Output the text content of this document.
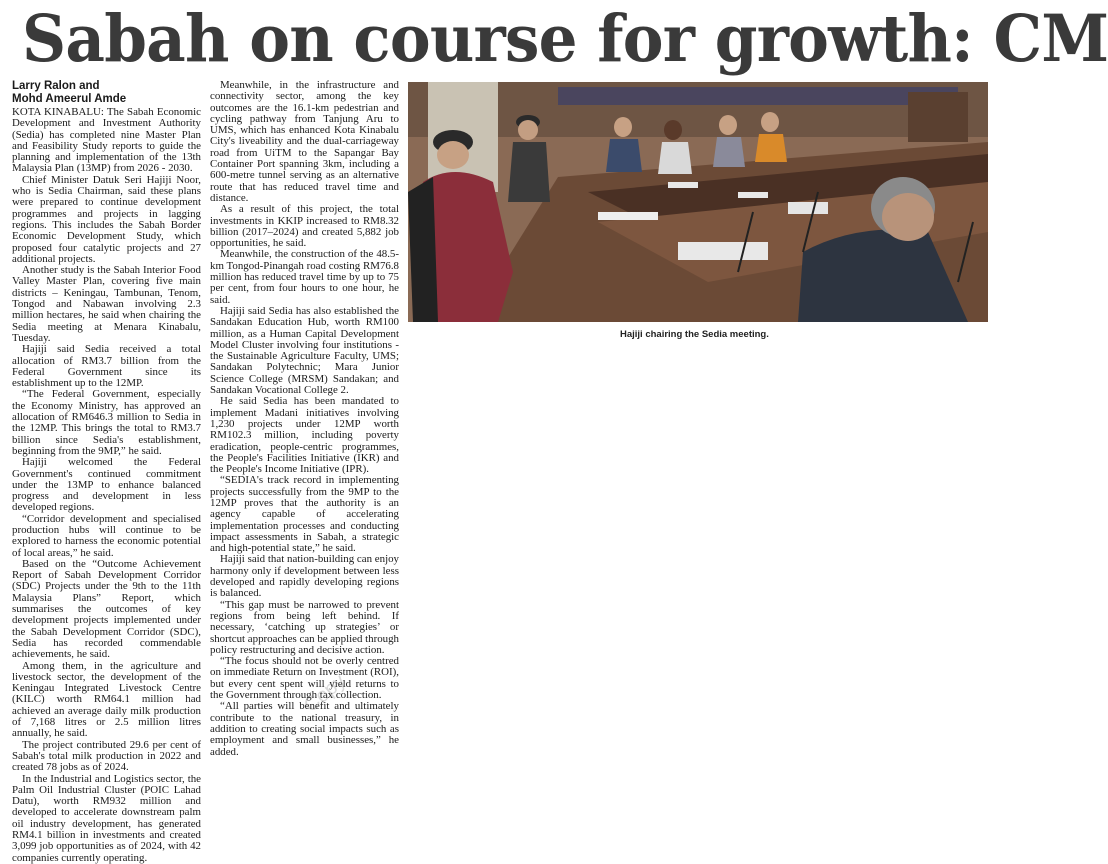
Sabah on course for growth: CM
Larry Ralon and
Mohd Ameerul Amde

KOTA KINABALU: The Sabah Economic Development and Investment Authority (Sedia) has completed nine Master Plan and Feasibility Study reports to guide the planning and implementation of the 13th Malaysia Plan (13MP) from 2026 - 2030.

Chief Minister Datuk Seri Hajiji Noor, who is Sedia Chairman, said these plans were prepared to continue development programmes and projects in lagging regions. This includes the Sabah Border Economic Development Study, which proposed four catalytic projects and 27 additional projects.

Another study is the Sabah Interior Food Valley Master Plan, covering five main districts – Keningau, Tambunan, Tenom, Tongod and Nabawan involving 2.3 million hectares, he said when chairing the Sedia meeting at Menara Kinabalu, Tuesday.

Hajiji said Sedia received a total allocation of RM3.7 billion from the Federal Government since its establishment up to the 12MP.

“The Federal Government, especially the Economy Ministry, has approved an allocation of RM646.3 million to Sedia in the 12MP. This brings the total to RM3.7 billion since Sedia's establishment, beginning from the 9MP,” he said.

Hajiji welcomed the Federal Government's continued commitment under the 13MP to enhance balanced progress and development in less developed regions.

“Corridor development and specialised production hubs will continue to be explored to harness the economic potential of local areas,” he said.

Based on the “Outcome Achievement Report of Sabah Development Corridor (SDC) Projects under the 9th to the 11th Malaysia Plans” Report, which summarises the outcomes of key development projects implemented under the Sabah Development Corridor (SDC), Sedia has recorded commendable achievements, he said.

Among them, in the agriculture and livestock sector, the development of the Keningau Integrated Livestock Centre (KILC) worth RM64.1 million had achieved an average daily milk production of 7,168 litres or 2.5 million litres annually, he said.

The project contributed 29.6 per cent of Sabah's total milk production in 2022 and created 78 jobs as of 2024.

In the Industrial and Logistics sector, the Palm Oil Industrial Cluster (POIC Lahad Datu), worth RM932 million and developed to accelerate downstream palm oil industry development, has generated RM4.1 billion in investments and created 3,099 job opportunities as of 2024, with 42 companies currently operating.

Meanwhile, in the infrastructure and connectivity sector, among the key outcomes are the 16.1-km pedestrian and cycling pathway from Tanjung Aru to UMS, which has enhanced Kota Kinabalu City's liveability and the dual-carriageway road from UiTM to the Sapangar Bay Container Port spanning 3km, including a 600-metre tunnel serving as an alternative route that has reduced travel time and distance.

As a result of this project, the total investments in KKIP increased to RM8.32 billion (2017–2024) and created 5,882 job opportunities, he said.

Meanwhile, the construction of the 48.5-km Tongod-Pinangah road costing RM76.8 million has reduced travel time by up to 75 per cent, from four hours to one hour, he said.

Hajiji said Sedia has also established the Sandakan Education Hub, worth RM100 million, as a Human Capital Development Model Cluster involving four institutions - the Sustainable Agriculture Faculty, UMS; Sandakan Polytechnic; Mara Junior Science College (MRSM) Sandakan; and Sandakan Vocational College 2.

He said Sedia has been mandated to implement Madani initiatives involving 1,230 projects under 12MP worth RM102.3 million, including poverty eradication, people-centric programmes, the People's Facilities Initiative (IKR) and the People's Income Initiative (IPR).

“SEDIA's track record in implementing projects successfully from the 9MP to the 12MP proves that the authority is an agency capable of accelerating implementation processes and conducting impact assessments in Sabah, a strategic and high-potential state,” he said.

Hajiji said that nation-building can enjoy harmony only if development between less developed and rapidly developing regions is balanced.

“This gap must be narrowed to prevent regions from being left behind. If necessary, ‘catching up strategies’ or shortcut approaches can be applied through policy restructuring and decisive action.

“The focus should not be overly centred on immediate Return on Investment (ROI), but every cent spent will yield returns to the Government through tax collection.

“All parties will benefit and ultimately contribute to the national treasury, in addition to creating social impacts such as employment and small businesses,” he added.

Hajiji chairing the Sedia meeting.
Copy
